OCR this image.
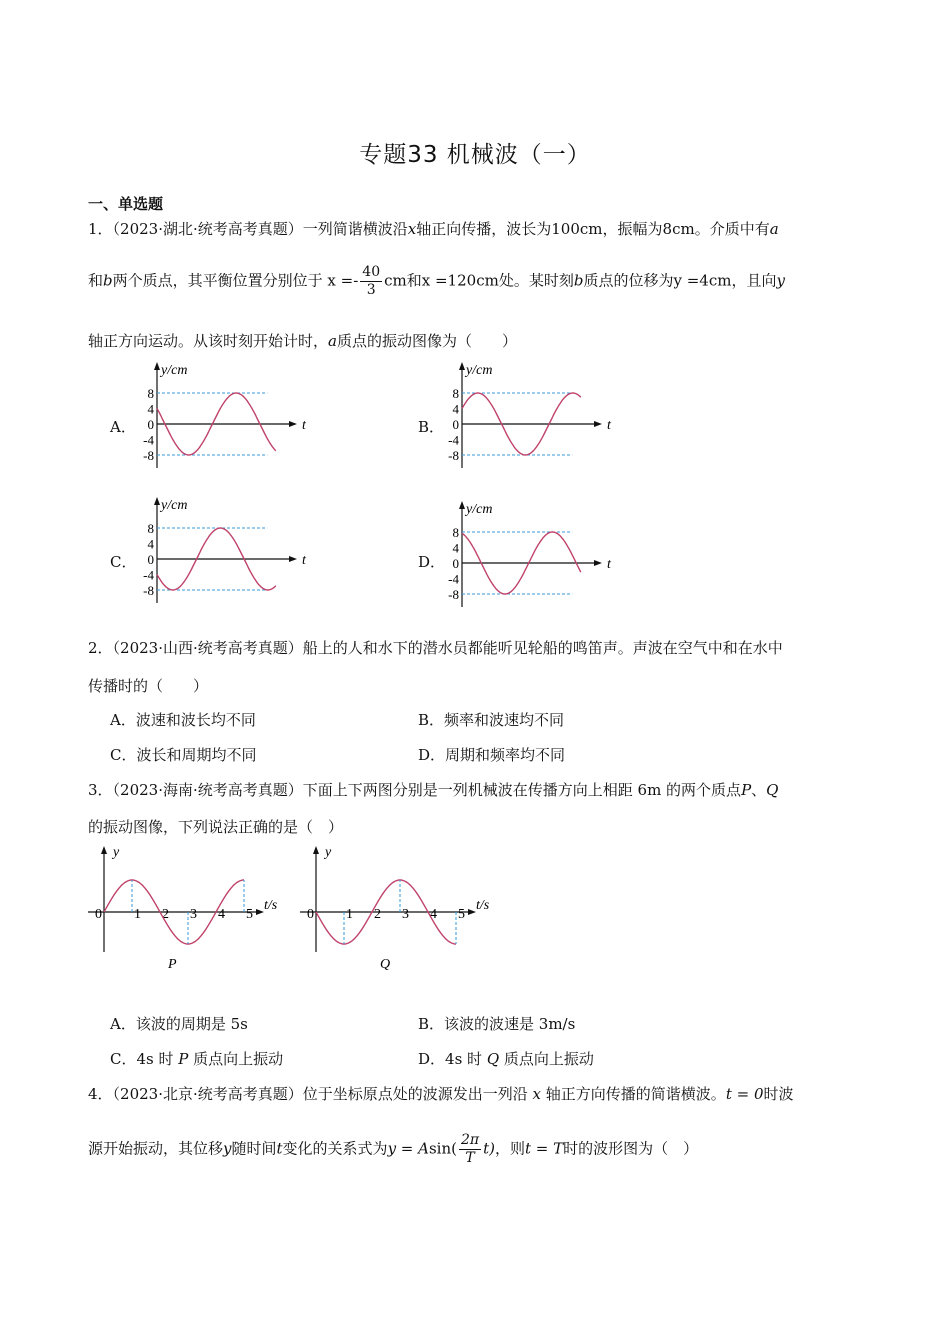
专题33 机械波（一）
一、单选题
1．（2023·湖北·统考高考真题）一列简谐横波沿x轴正向传播，波长为100cm，振幅为8cm。介质中有a
和b两个质点，其平衡位置分别位于 $x =- \frac{40}{3}$ cm和x =120cm处。某时刻b质点的位移为y =4cm，且向y
轴正方向运动。从该时刻开始计时，a质点的振动图像为（　　）
A．	B．
C．	D．
y/cm
t
8
4
0
-4
-8
y/cm
t
8
4
0
-4
-8
y/cm
t
8
4
0
-4
-8
y/cm
t
8
4
0
-4
-8
2．（2023·山西·统考高考真题）船上的人和水下的潜水员都能听见轮船的鸣笛声。声波在空气中和在水中
传播时的（　　）
A．波速和波长均不同	B．频率和波速均不同
C．波长和周期均不同	D．周期和频率均不同
3．（2023·海南·统考高考真题）下面上下两图分别是一列机械波在传播方向上相距 6m 的两个质点P、Q
的振动图像，下列说法正确的是（　）
y
t/s
0 1 2 3 4 5
P
y
t/s
0 1 2 3 4 5
Q
A．该波的周期是 5s	B．该波的波速是 3m/s
C．4s 时 P 质点向上振动	D．4s 时 Q 质点向上振动
4．（2023·北京·统考高考真题）位于坐标原点处的波源发出一列沿 x 轴正方向传播的简谐横波。t = 0时波
源开始振动，其位移y随时间t变化的关系式为$y = Asin( \frac{2\pi}{T} t)$，则t = T时的波形图为（　）
